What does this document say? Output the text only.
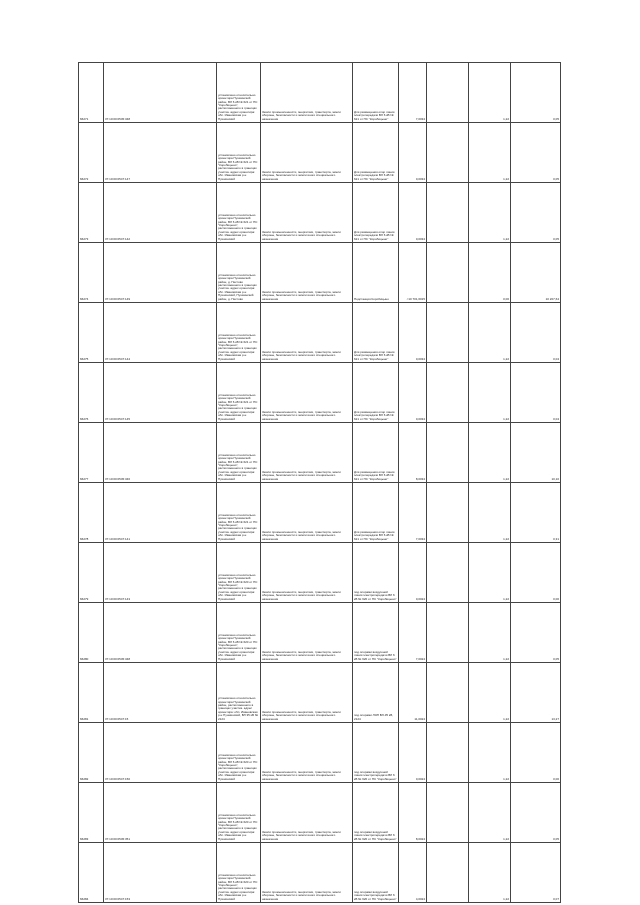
66271	37:10:00:0545:348	установлено относительно ориентира Пушкинский район, ВЛ 6 кВ № 621 от ПС "Коробицыно", расположенного в границах участка. адрес ориентира: обл. Ивановская р-н Пушкинский	Земли промышленности, энергетики, транспорта, земли обороны, безопасности и земли иного специального назначения	Для размещения опор линии электропередачи ВЛ 6 кВ № 621 от ПС "Коробицыно"	7,0034		1,22	0,05

66272	37:10:00:0547:147	установлено относительно ориентира Пушкинский район, ВЛ 6 кВ № 621 от ПС "Коробицыно", расположенного в границах участка. адрес ориентира: обл. Ивановская р-н Пушкинский	Земли промышленности, энергетики, транспорта, земли обороны, безопасности и земли иного специального назначения	Для размещения опор линии электропередачи ВЛ 6 кВ № 621 от ПС "Коробицыно"	0,0034		1,22	0,05

66273	37:10:00:0547:142	установлено относительно ориентира Пушкинский район, ВЛ 6 кВ № 621 от ПС "Коробицыно", расположенного в границах участка. адрес ориентира: обл. Ивановская р-н Пушкинский	Земли промышленности, энергетики, транспорта, земли обороны, безопасности и земли иного специального назначения	Для размещения опор линии электропередачи ВЛ 6 кВ № 621 от ПС "Коробицыно"	0,0034		1,22	0,05

66274	37:10:00:0547:149	установлено относительно ориентира Пушкинский район, д. Пестово расположенного в границах участка. адрес ориентира: обл. Ивановская р-н Пушкинский, Пушкинский район, д. Пестово	Земли промышленности, энергетики, транспорта, земли обороны, безопасности и земли иного специального назначения	Подстанция Коробицыно	<10 701,6015		0,00	10 207,64

66275	37:10:00:0547:144	установлено относительно ориентира Пушкинский район, ВЛ 6 кВ № 621 от ПС "Коробицыно", расположенного в границах участка. адрес ориентира: обл. Ивановская р-н Пушкинский	Земли промышленности, энергетики, транспорта, земли обороны, безопасности и земли иного специального назначения	Для размещения опор линии электропередачи ВЛ 6 кВ № 621 от ПС "Коробицыно"	0,0034		1,22	0,04

66276	37:10:00:0547:145	установлено относительно ориентира Пушкинский район, ВЛ 6 кВ № 621 от ПС "Коробицыно", расположенного в границах участка. адрес ориентира: обл. Ивановская р-н Пушкинский	Земли промышленности, энергетики, транспорта, земли обороны, безопасности и земли иного специального назначения	Для размещения опор линии электропередачи ВЛ 6 кВ № 621 от ПС "Коробицыно"	0,0034		1,22	0,04

66277	37:10:00:0545:346	установлено относительно ориентира Пушкинский район, ВЛ 6 кВ № 621 от ПС "Коробицыно", расположенного в границах участка. адрес ориентира: обл. Ивановская р-н Пушкинский	Земли промышленности, энергетики, транспорта, земли обороны, безопасности и земли иного специального назначения	Для размещения опор линии электропередачи ВЛ 6 кВ № 621 от ПС "Коробицыно"	8,0034		1,22	10,10

66278	37:10:00:0547:141	установлено относительно ориентира Пушкинский район, ВЛ 6 кВ № 621 от ПС "Коробицыно", расположенного в границах участка. адрес ориентира: обл. Ивановская р-н Пушкинский	Земли промышленности, энергетики, транспорта, земли обороны, безопасности и земли иного специального назначения	Для размещения опор линии электропередачи ВЛ 6 кВ № 621 от ПС "Коробицыно"	7,0034		1,22	0,31

66279	37:10:00:0547:143	установлено относительно ориентира Пушкинский район, ВЛ 6 кВ № 620 от ПС "Коробицыно", расположенного в границах участка. адрес ориентира: обл. Ивановская р-н Пушкинский	Земли промышленности, энергетики, транспорта, земли обороны, безопасности и земли иного специального назначения	под опорами воздушной линии электропередачи ВЛ 6 кВ № 620 от ПС "Коробицыно"	0,0024		1,22	0,00

66280	37:10:00:0545:348	установлено относительно ориентира Пушкинский район, ВЛ 6 кВ № 620 от ПС "Коробицыно", расположенного в границах участка. адрес ориентира: обл. Ивановская р-н Пушкинский	Земли промышленности, энергетики, транспорта, земли обороны, безопасности и земли иного специального назначения	под опорами воздушной линии электропередачи ВЛ 6 кВ № 620 от ПС "Коробицыно"	7,0024		1,22	0,05

66281	37:10:00:0547:15	установлено относительно ориентира Пушкинский район, расположенного в границах участка. адрес ориентира: обл. Ивановская р-н Пушкинский, ВЛ 35 кВ № 2124	Земли промышленности, энергетики, транспорта, земли обороны, безопасности и земли иного специального назначения	под опорами ЛЭП ВЛ-35 кВ, 2124	11,0024		1,22	13,27

66282	37:10:00:0547:150	установлено относительно ориентира Пушкинский район, ВЛ 6 кВ № 620 от ПС "Коробицыно", расположенного в границах участка. адрес ориентира: обл. Ивановская р-н Пушкинский	Земли промышленности, энергетики, транспорта, земли обороны, безопасности и земли иного специального назначения	под опорами воздушной линии электропередачи ВЛ 6 кВ № 620 от ПС "Коробицыно"	0,0024		1,22	0,00

66283	37:10:00:0545:351	установлено относительно ориентира Пушкинский район, ВЛ 6 кВ № 620 от ПС "Коробицыно", расположенного в границах участка. адрес ориентира: обл. Ивановская р-н Пушкинский	Земли промышленности, энергетики, транспорта, земли обороны, безопасности и земли иного специального назначения	под опорами воздушной линии электропередачи ВЛ 6 кВ № 620 от ПС "Коробицыно"	8,0024		1,22	0,05

66284	37:10:00:0547:153	установлено относительно ориентира Пушкинский район, ВЛ 6 кВ № 620 от ПС "Коробицыно", расположенного в границах участка. адрес ориентира: обл. Ивановская р-н Пушкинский	Земли промышленности, энергетики, транспорта, земли обороны, безопасности и земли иного специального назначения	под опорами воздушной линии электропередачи ВЛ 6 кВ № 620 от ПС "Коробицыно"	4,0024		1,22	0,07
